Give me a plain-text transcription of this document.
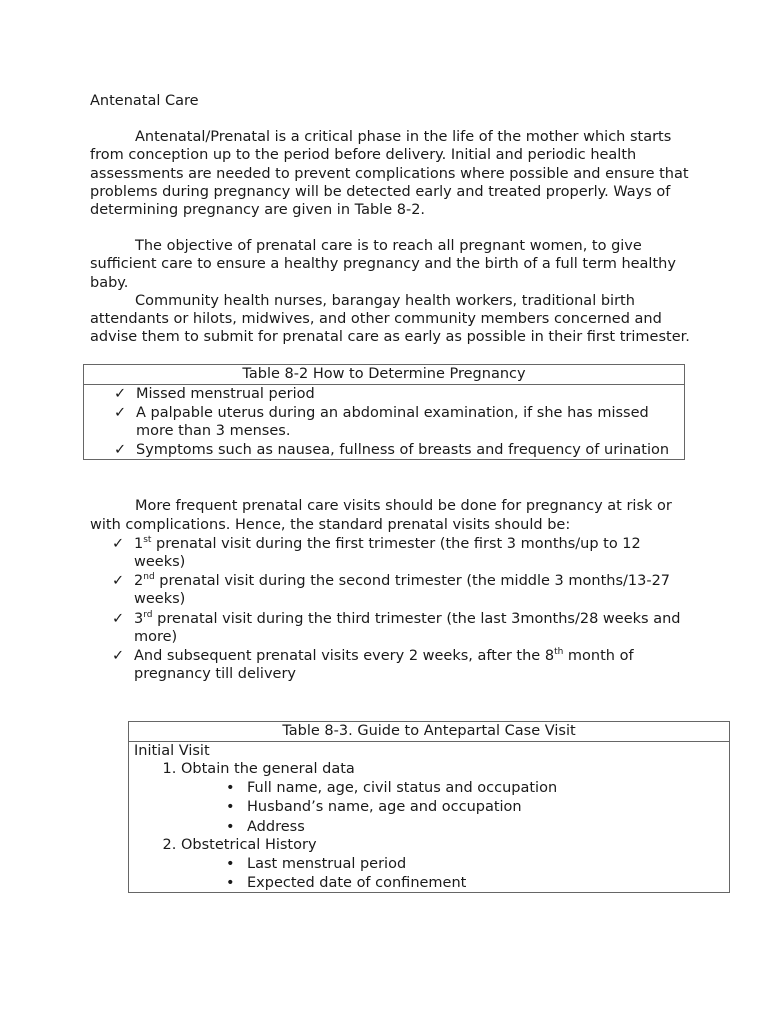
Antenatal Care

Antenatal/Prenatal is a critical phase in the life of the mother which starts from conception up to the period before delivery. Initial and periodic health assessments are needed to prevent complications where possible and ensure that problems during pregnancy will be detected early and treated properly. Ways of determining pregnancy are given in Table 8-2.

The objective of prenatal care is to reach all pregnant women, to give sufficient care to ensure a healthy pregnancy and the birth of a full term healthy baby.

Community health nurses, barangay health workers, traditional birth attendants or hilots, midwives, and other community members concerned and advise them to submit for prenatal care as early as possible in their first trimester.

Table 8-2 How to Determine Pregnancy
✓ Missed menstrual period
✓ A palpable uterus during an abdominal examination, if she has missed more than 3 menses.
✓ Symptoms such as nausea, fullness of breasts and frequency of urination

More frequent prenatal care visits should be done for pregnancy at risk or with complications. Hence, the standard prenatal visits should be:

✓ 1st prenatal visit during the first trimester (the first 3 months/up to 12 weeks)
✓ 2nd prenatal visit during the second trimester (the middle 3 months/13-27 weeks)
✓ 3rd prenatal visit during the third trimester (the last 3months/28 weeks and more)
✓ And subsequent prenatal visits every 2 weeks, after the 8th month of pregnancy till delivery
Table 8-3. Guide to Antepartal Case Visit
Initial Visit
1. Obtain the general data
• Full name, age, civil status and occupation
• Husband’s name, age and occupation
• Address
2. Obstetrical History
• Last menstrual period
• Expected date of confinement
